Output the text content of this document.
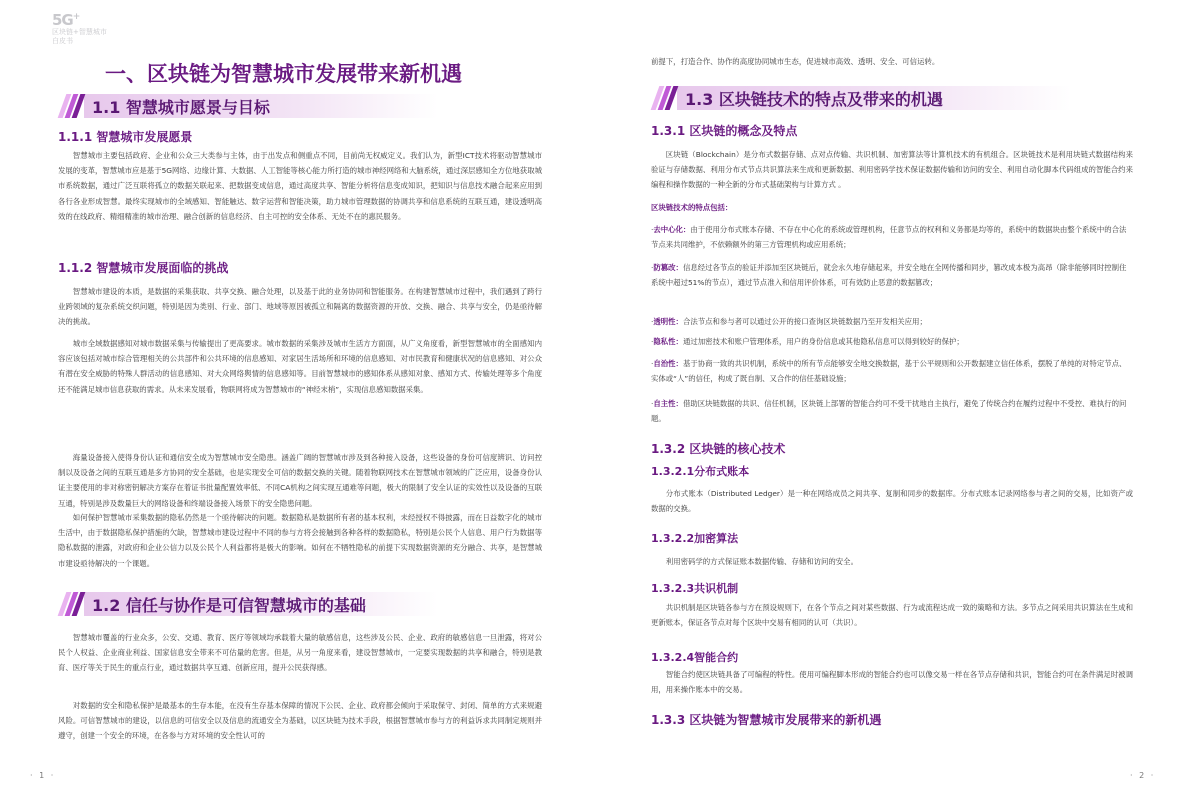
5G+
区块链+智慧城市
白皮书
一、区块链为智慧城市发展带来新机遇
1.1 智慧城市愿景与目标
1.1.1 智慧城市发展愿景
智慧城市主要包括政府、企业和公众三大类参与主体，由于出发点和侧重点不同，目前尚无权威定义。我们认为，新型ICT技术将驱动智慧城市发展的变革，智慧城市应是基于5G网络、边缘计算、大数据、人工智能等核心能力所打造的城市神经网络和大脑系统，通过深层感知全方位地获取城市系统数据，通过广泛互联将孤立的数据关联起来、把数据变成信息，通过高度共享、智能分析将信息变成知识，把知识与信息技术融合起来应用到各行各业形成智慧。最终实现城市的全域感知、智能触达、数字运营和智能决策，助力城市管理数据的协调共享和信息系统的互联互通，建设透明高效的在线政府、精细精准的城市治理、融合创新的信息经济、自主可控的安全体系、无处不在的惠民服务。
1.1.2 智慧城市发展面临的挑战
智慧城市建设的本质，是数据的采集获取、共享交换、融合处理，以及基于此的业务协同和智能服务。在构建智慧城市过程中，我们遇到了跨行业跨领域的复杂系统交织问题，特别是因为类别、行业、部门、地域等原因被孤立和隔离的数据资源的开放、交换、融合、共享与安全，仍是亟待解决的挑战。
城市全域数据感知对城市数据采集与传输提出了更高要求。城市数据的采集涉及城市生活方方面面，从广义角度看，新型智慧城市的全面感知内容应该包括对城市综合管理相关的公共部件和公共环境的信息感知、对家居生活场所和环境的信息感知、对市民教育和健康状况的信息感知、对公众有潜在安全威胁的特殊人群活动的信息感知、对大众网络舆情的信息感知等。目前智慧城市的感知体系从感知对象、感知方式、传输处理等多个角度还不能满足城市信息获取的需求。从未来发展看，物联网将成为智慧城市的“神经末梢”，实现信息感知数据采集。
海量设备接入使得身份认证和通信安全成为智慧城市安全隐患。涵盖广阔的智慧城市涉及到各种接入设备，这些设备的身份可信度辨识、访问控制以及设备之间的互联互通是多方协同的安全基础，也是实现安全可信的数据交换的关键。随着物联网技术在智慧城市领域的广泛应用，设备身份认证主要使用的非对称密钥解决方案存在着证书批量配置效率低、不同CA机构之间实现互通难等问题，极大的限制了安全认证的实效性以及设备的互联互通，特别是涉及数量巨大的网络设备和终端设备接入场景下的安全隐患问题。
如何保护智慧城市采集数据的隐私仍然是一个亟待解决的问题。数据隐私是数据所有者的基本权利，未经授权不得披露，而在日益数字化的城市生活中，由于数据隐私保护措施的欠缺，智慧城市建设过程中不同的参与方将会接触到各种各样的数据隐私，特别是公民个人信息、用户行为数据等隐私数据的泄露，对政府和企业公信力以及公民个人利益都将是极大的影响。如何在不牺牲隐私的前提下实现数据资源的充分融合、共享，是智慧城市建设亟待解决的一个课题。
1.2 信任与协作是可信智慧城市的基础
智慧城市覆盖的行业众多，公安、交通、教育、医疗等领域均承载着大量的敏感信息，这些涉及公民、企业、政府的敏感信息一旦泄露，将对公民个人权益、企业商业利益、国家信息安全带来不可估量的危害。但是，从另一角度来看，建设智慧城市，一定要实现数据的共享和融合，特别是教育、医疗等关于民生的重点行业，通过数据共享互通、创新应用，提升公民获得感。
对数据的安全和隐私保护是最基本的生存本能，在没有生存基本保障的情况下公民、企业、政府都会倾向于采取保守、封闭、简单的方式来规避风险。可信智慧城市的建设，以信息的可信安全以及信息的流通安全为基础，以区块链为技术手段，根据智慧城市参与方的利益诉求共同制定规则并遵守，创建一个安全的环境，在各参与方对环境的安全性认可的
· 1 ·
前提下，打造合作、协作的高度协同城市生态，促进城市高效、透明、安全、可信运转。
1.3 区块链技术的特点及带来的机遇
1.3.1 区块链的概念及特点
区块链（Blockchain）是分布式数据存储、点对点传输、共识机制、加密算法等计算机技术的有机组合。区块链技术是利用块链式数据结构来验证与存储数据、利用分布式节点共识算法来生成和更新数据、利用密码学技术保证数据传输和访问的安全、利用自动化脚本代码组成的智能合约来编程和操作数据的一种全新的分布式基础架构与计算方式 。
区块链技术的特点包括：
·去中心化：由于使用分布式账本存储、不存在中心化的系统或管理机构，任意节点的权利和义务都是均等的，系统中的数据块由整个系统中的合法节点来共同维护，不依赖额外的第三方管理机构或应用系统；
·防篡改：信息经过各节点的验证并添加至区块链后，就会永久地存储起来，并安全地在全网传播和同步，篡改成本极为高昂（除非能够同时控制住系统中超过51%的节点），通过节点准入和信用评价体系，可有效防止恶意的数据篡改；
·透明性：合法节点和参与者可以通过公开的接口查询区块链数据乃至开发相关应用；
·隐私性：通过加密技术和账户管理体系，用户的身份信息或其他隐私信息可以得到较好的保护；
·自治性：基于协商一致的共识机制，系统中的所有节点能够安全地交换数据，基于公平规则和公开数据建立信任体系，摆脱了单纯的对特定节点、实体或“人”的信任，构成了既自制、又合作的信任基础设施；
·自主性：借助区块链数据的共识、信任机制，区块链上部署的智能合约可不受干扰地自主执行，避免了传统合约在履约过程中不受控、难执行的问题。
1.3.2 区块链的核心技术
1.3.2.1分布式账本
分布式账本（Distributed Ledger）是一种在网络成员之间共享、复制和同步的数据库。分布式账本记录网络参与者之间的交易，比如资产或数据的交换。
1.3.2.2加密算法
利用密码学的方式保证账本数据传输、存储和访问的安全。
1.3.2.3共识机制
共识机制是区块链各参与方在预设规则下，在各个节点之间对某些数据、行为或流程达成一致的策略和方法。多节点之间采用共识算法在生成和更新账本，保证各节点对每个区块中交易有相同的认可（共识）。
1.3.2.4智能合约
智能合约使区块链具备了可编程的特性。使用可编程脚本形成的智能合约也可以像交易一样在各节点存储和共识，智能合约可在条件满足时被调用，用来操作账本中的交易。
1.3.3 区块链为智慧城市发展带来的新机遇
· 2 ·
